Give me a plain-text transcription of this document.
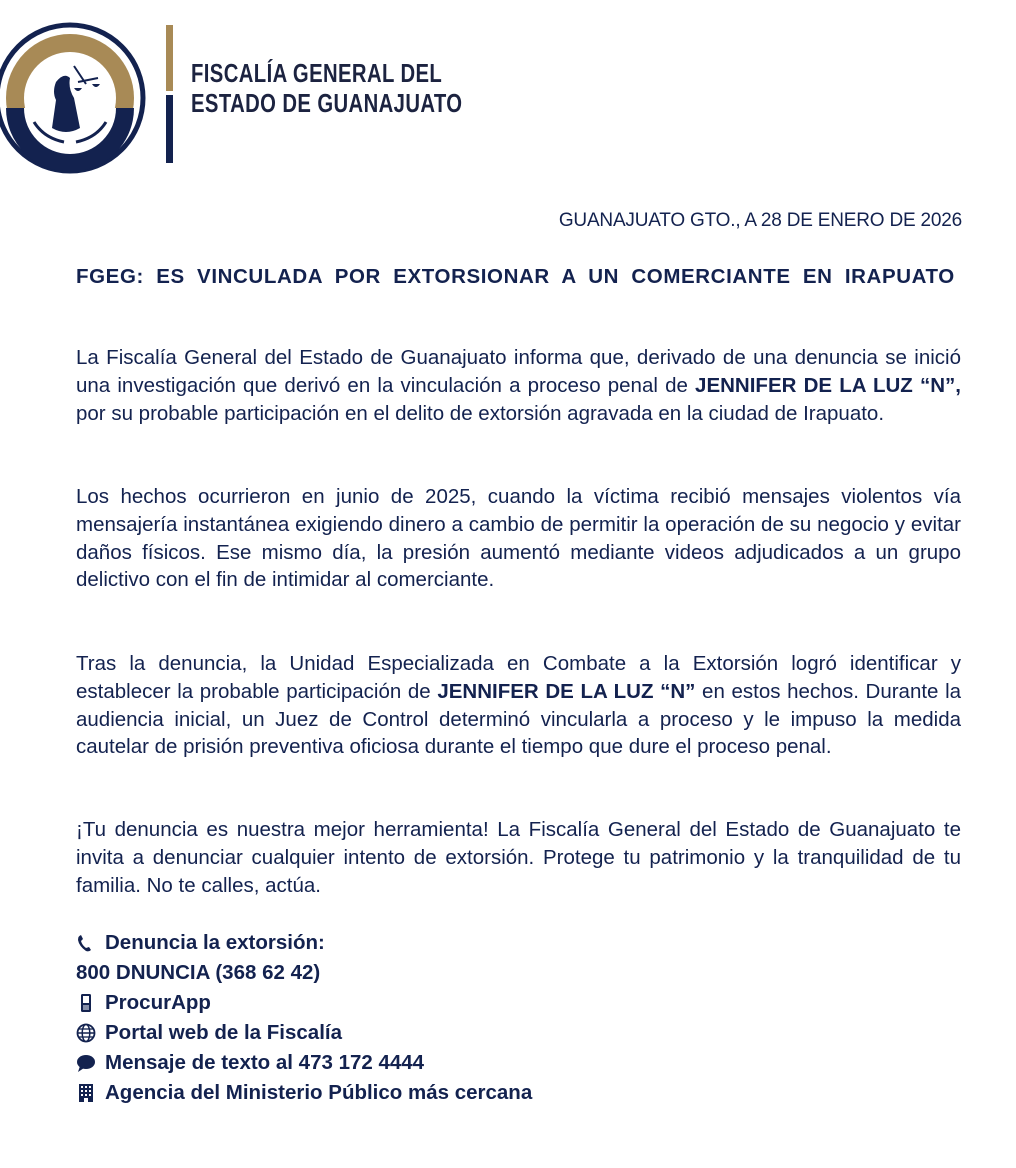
FISCALÍA GENERAL DEL
ESTADO DE GUANAJUATO
GUANAJUATO GTO., A 28 DE ENERO DE 2026
FGEG: ES VINCULADA POR EXTORSIONAR A UN COMERCIANTE EN IRAPUATO
La Fiscalía General del Estado de Guanajuato informa que, derivado de una denuncia se inició una investigación que derivó en la vinculación a proceso penal de JENNIFER DE LA LUZ “N”, por su probable participación en el delito de extorsión agravada en la ciudad de Irapuato.
Los hechos ocurrieron en junio de 2025, cuando la víctima recibió mensajes violentos vía mensajería instantánea exigiendo dinero a cambio de permitir la operación de su negocio y evitar daños físicos. Ese mismo día, la presión aumentó mediante videos adjudicados a un grupo delictivo con el fin de intimidar al comerciante.
Tras la denuncia, la Unidad Especializada en Combate a la Extorsión logró identificar y establecer la probable participación de JENNIFER DE LA LUZ “N” en estos hechos. Durante la audiencia inicial, un Juez de Control determinó vincularla a proceso y le impuso la medida cautelar de prisión preventiva oficiosa durante el tiempo que dure el proceso penal.
¡Tu denuncia es nuestra mejor herramienta! La Fiscalía General del Estado de Guanajuato te invita a denunciar cualquier intento de extorsión. Protege tu patrimonio y la tranquilidad de tu familia. No te calles, actúa.
Denuncia la extorsión:
800 DNUNCIA (368 62 42)
ProcurApp
Portal web de la Fiscalía
Mensaje de texto al 473 172 4444
Agencia del Ministerio Público más cercana
